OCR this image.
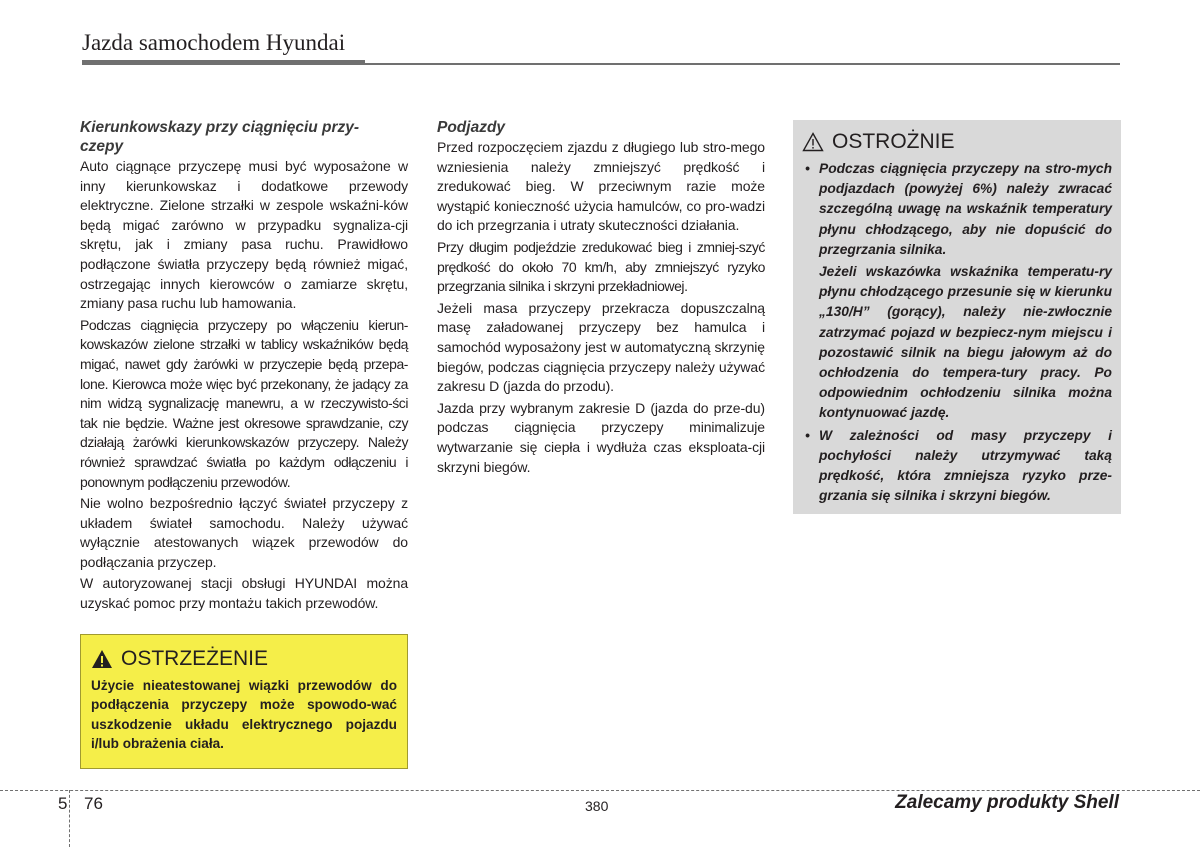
Jazda samochodem Hyundai
Kierunkowskazy przy ciągnięciu przy-
czepy

Auto ciągnące przyczepę musi być wyposażone w inny kierunkowskaz i dodatkowe przewody elektryczne. Zielone strzałki w zespole wskaźni-ków będą migać zarówno w przypadku sygnaliza-cji skrętu, jak i zmiany pasa ruchu. Prawidłowo podłączone światła przyczepy będą również migać, ostrzegając innych kierowców o zamiarze skrętu, zmiany pasa ruchu lub hamowania.

Podczas ciągnięcia przyczepy po włączeniu kierun-kowskazów zielone strzałki w tablicy wskaźników będą migać, nawet gdy żarówki w przyczepie będą przepa-lone. Kierowca może więc być przekonany, że jadący za nim widzą sygnalizację manewru, a w rzeczywisto-ści tak nie będzie. Ważne jest okresowe sprawdzanie, czy działają żarówki kierunkowskazów przyczepy. Należy również sprawdzać światła po każdym odłączeniu i ponownym podłączeniu przewodów.

Nie wolno bezpośrednio łączyć świateł przyczepy z układem świateł samochodu. Należy używać wyłącznie atestowanych wiązek przewodów do podłączania przyczep.

W autoryzowanej stacji obsługi HYUNDAI można uzyskać pomoc przy montażu takich przewodów.

OSTRZEŻENIE

Użycie nieatestowanej wiązki przewodów do podłączenia przyczepy może spowodo-wać uszkodzenie układu elektrycznego pojazdu i/lub obrażenia ciała.

Podjazdy

Przed rozpoczęciem zjazdu z długiego lub stro-mego wzniesienia należy zmniejszyć prędkość i zredukować bieg. W przeciwnym razie może wystąpić konieczność użycia hamulców, co pro-wadzi do ich przegrzania i utraty skuteczności działania.

Przy długim podjeździe zredukować bieg i zmniej-szyć prędkość do około 70 km/h, aby zmniejszyć ryzyko przegrzania silnika i skrzyni przekładniowej.

Jeżeli masa przyczepy przekracza dopuszczalną masę załadowanej przyczepy bez hamulca i samochód wyposażony jest w automatyczną skrzynię biegów, podczas ciągnięcia przyczepy należy używać zakresu D (jazda do przodu).

Jazda przy wybranym zakresie D (jazda do prze-du) podczas ciągnięcia przyczepy minimalizuje wytwarzanie się ciepła i wydłuża czas eksploata-cji skrzyni biegów.

OSTROŻNIE
• Podczas ciągnięcia przyczepy na stro-mych podjazdach (powyżej 6%) należy zwracać szczególną uwagę na wskaźnik temperatury płynu chłodzącego, aby nie dopuścić do przegrzania silnika.

Jeżeli wskazówka wskaźnika temperatu-ry płynu chłodzącego przesunie się w kierunku „130/H” (gorący), należy nie-zwłocznie zatrzymać pojazd w bezpiecz-nym miejscu i pozostawić silnik na biegu jałowym aż do ochłodzenia do tempera-tury pracy. Po odpowiednim ochłodzeniu silnika można kontynuować jazdę.

• W zależności od masy przyczepy i pochyłości należy utrzymywać taką prędkość, która zmniejsza ryzyko prze-grzania się silnika i skrzyni biegów.

5 76	380	Zalecamy produkty Shell
